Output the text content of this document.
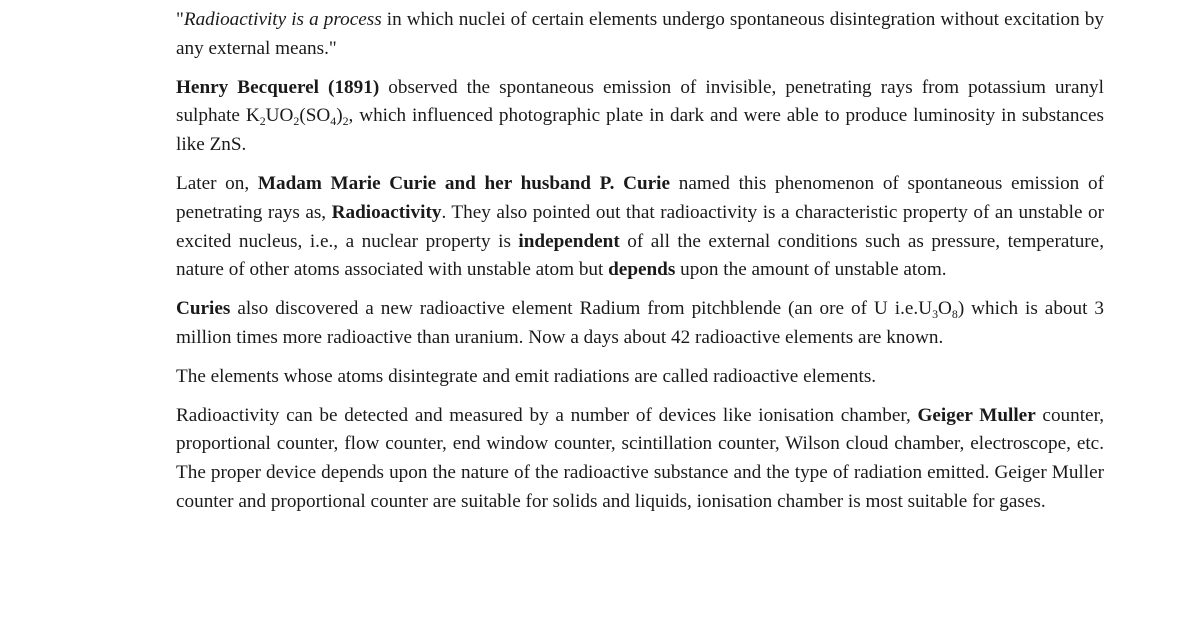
"Radioactivity is a process in which nuclei of certain elements undergo spontaneous disintegration without excitation by any external means."

Henry Becquerel (1891) observed the spontaneous emission of invisible, penetrating rays from potassium uranyl sulphate $K_2UO_2(SO_4)_2$, which influenced photographic plate in dark and were able to produce luminosity in substances like ZnS.

Later on, Madam Marie Curie and her husband P. Curie named this phenomenon of spontaneous emission of penetrating rays as, Radioactivity. They also pointed out that radioactivity is a characteristic property of an unstable or excited nucleus, i.e., a nuclear property is independent of all the external conditions such as pressure, temperature, nature of other atoms associated with unstable atom but depends upon the amount of unstable atom.

Curies also discovered a new radioactive element Radium from pitchblende (an ore of U $i.e.U_3O_8$) which is about 3 million times more radioactive than uranium. Now a days about 42 radioactive elements are known.

The elements whose atoms disintegrate and emit radiations are called radioactive elements.

Radioactivity can be detected and measured by a number of devices like ionisation chamber, Geiger Muller counter, proportional counter, flow counter, end window counter, scintillation counter, Wilson cloud chamber, electroscope, etc. The proper device depends upon the nature of the radioactive substance and the type of radiation emitted. Geiger Muller counter and proportional counter are suitable for solids and liquids, ionisation chamber is most suitable for gases.
